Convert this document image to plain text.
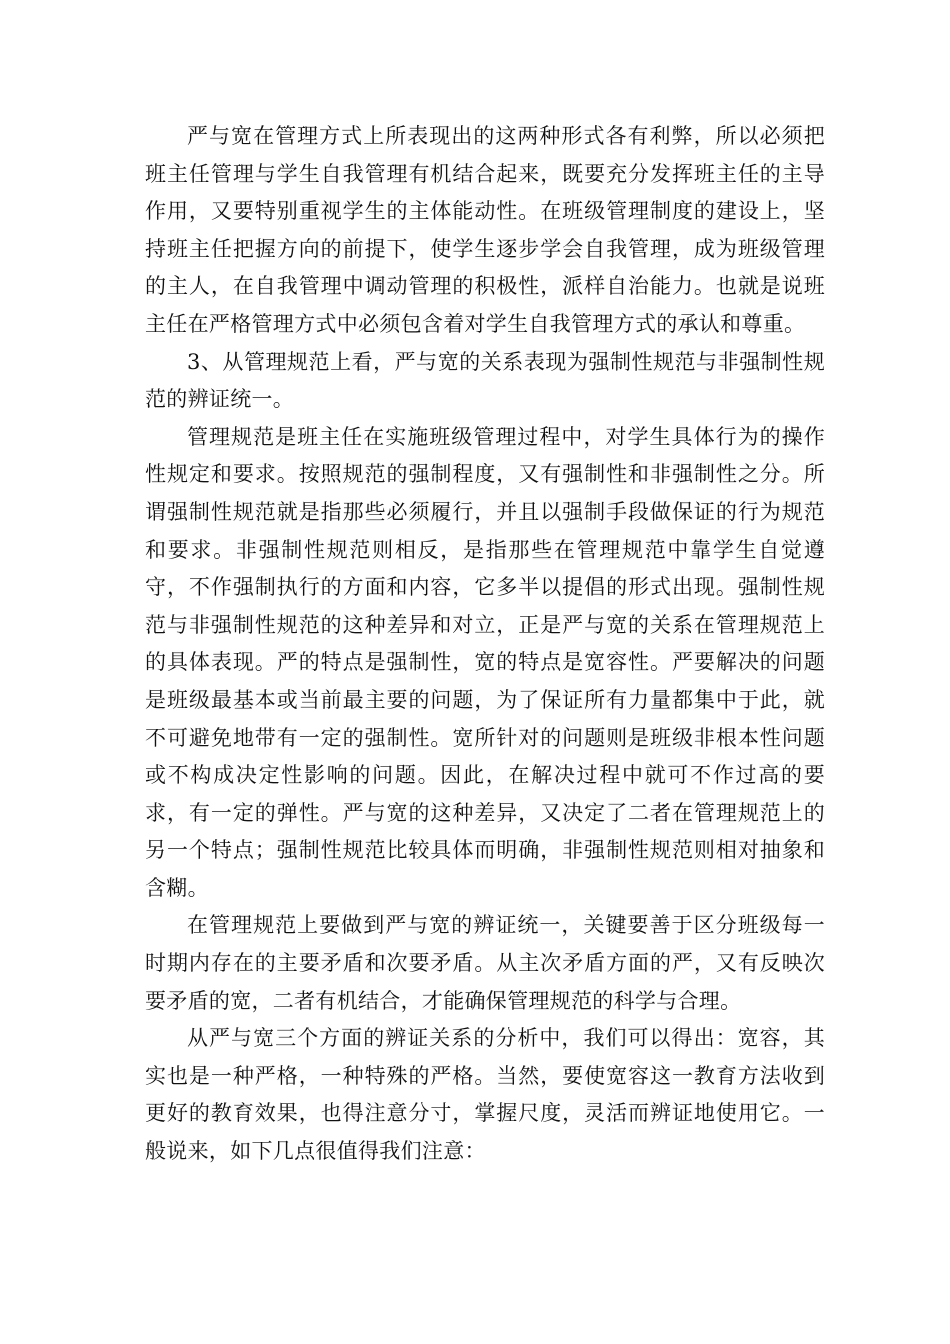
严与宽在管理方式上所表现出的这两种形式各有利弊，所以必须把班主任管理与学生自我管理有机结合起来，既要充分发挥班主任的主导作用，又要特别重视学生的主体能动性。在班级管理制度的建设上，坚持班主任把握方向的前提下，使学生逐步学会自我管理，成为班级管理的主人，在自我管理中调动管理的积极性，派样自治能力。也就是说班主任在严格管理方式中必须包含着对学生自我管理方式的承认和尊重。

3、从管理规范上看，严与宽的关系表现为强制性规范与非强制性规范的辨证统一。

管理规范是班主任在实施班级管理过程中，对学生具体行为的操作性规定和要求。按照规范的强制程度，又有强制性和非强制性之分。所谓强制性规范就是指那些必须履行，并且以强制手段做保证的行为规范和要求。非强制性规范则相反，是指那些在管理规范中靠学生自觉遵守，不作强制执行的方面和内容，它多半以提倡的形式出现。强制性规范与非强制性规范的这种差异和对立，正是严与宽的关系在管理规范上的具体表现。严的特点是强制性，宽的特点是宽容性。严要解决的问题是班级最基本或当前最主要的问题，为了保证所有力量都集中于此，就不可避免地带有一定的强制性。宽所针对的问题则是班级非根本性问题或不构成决定性影响的问题。因此，在解决过程中就可不作过高的要求，有一定的弹性。严与宽的这种差异，又决定了二者在管理规范上的另一个特点；强制性规范比较具体而明确，非强制性规范则相对抽象和含糊。

在管理规范上要做到严与宽的辨证统一，关键要善于区分班级每一时期内存在的主要矛盾和次要矛盾。从主次矛盾方面的严，又有反映次要矛盾的宽，二者有机结合，才能确保管理规范的科学与合理。

从严与宽三个方面的辨证关系的分析中，我们可以得出：宽容，其实也是一种严格，一种特殊的严格。当然，要使宽容这一教育方法收到更好的教育效果，也得注意分寸，掌握尺度，灵活而辨证地使用它。一般说来，如下几点很值得我们注意：
